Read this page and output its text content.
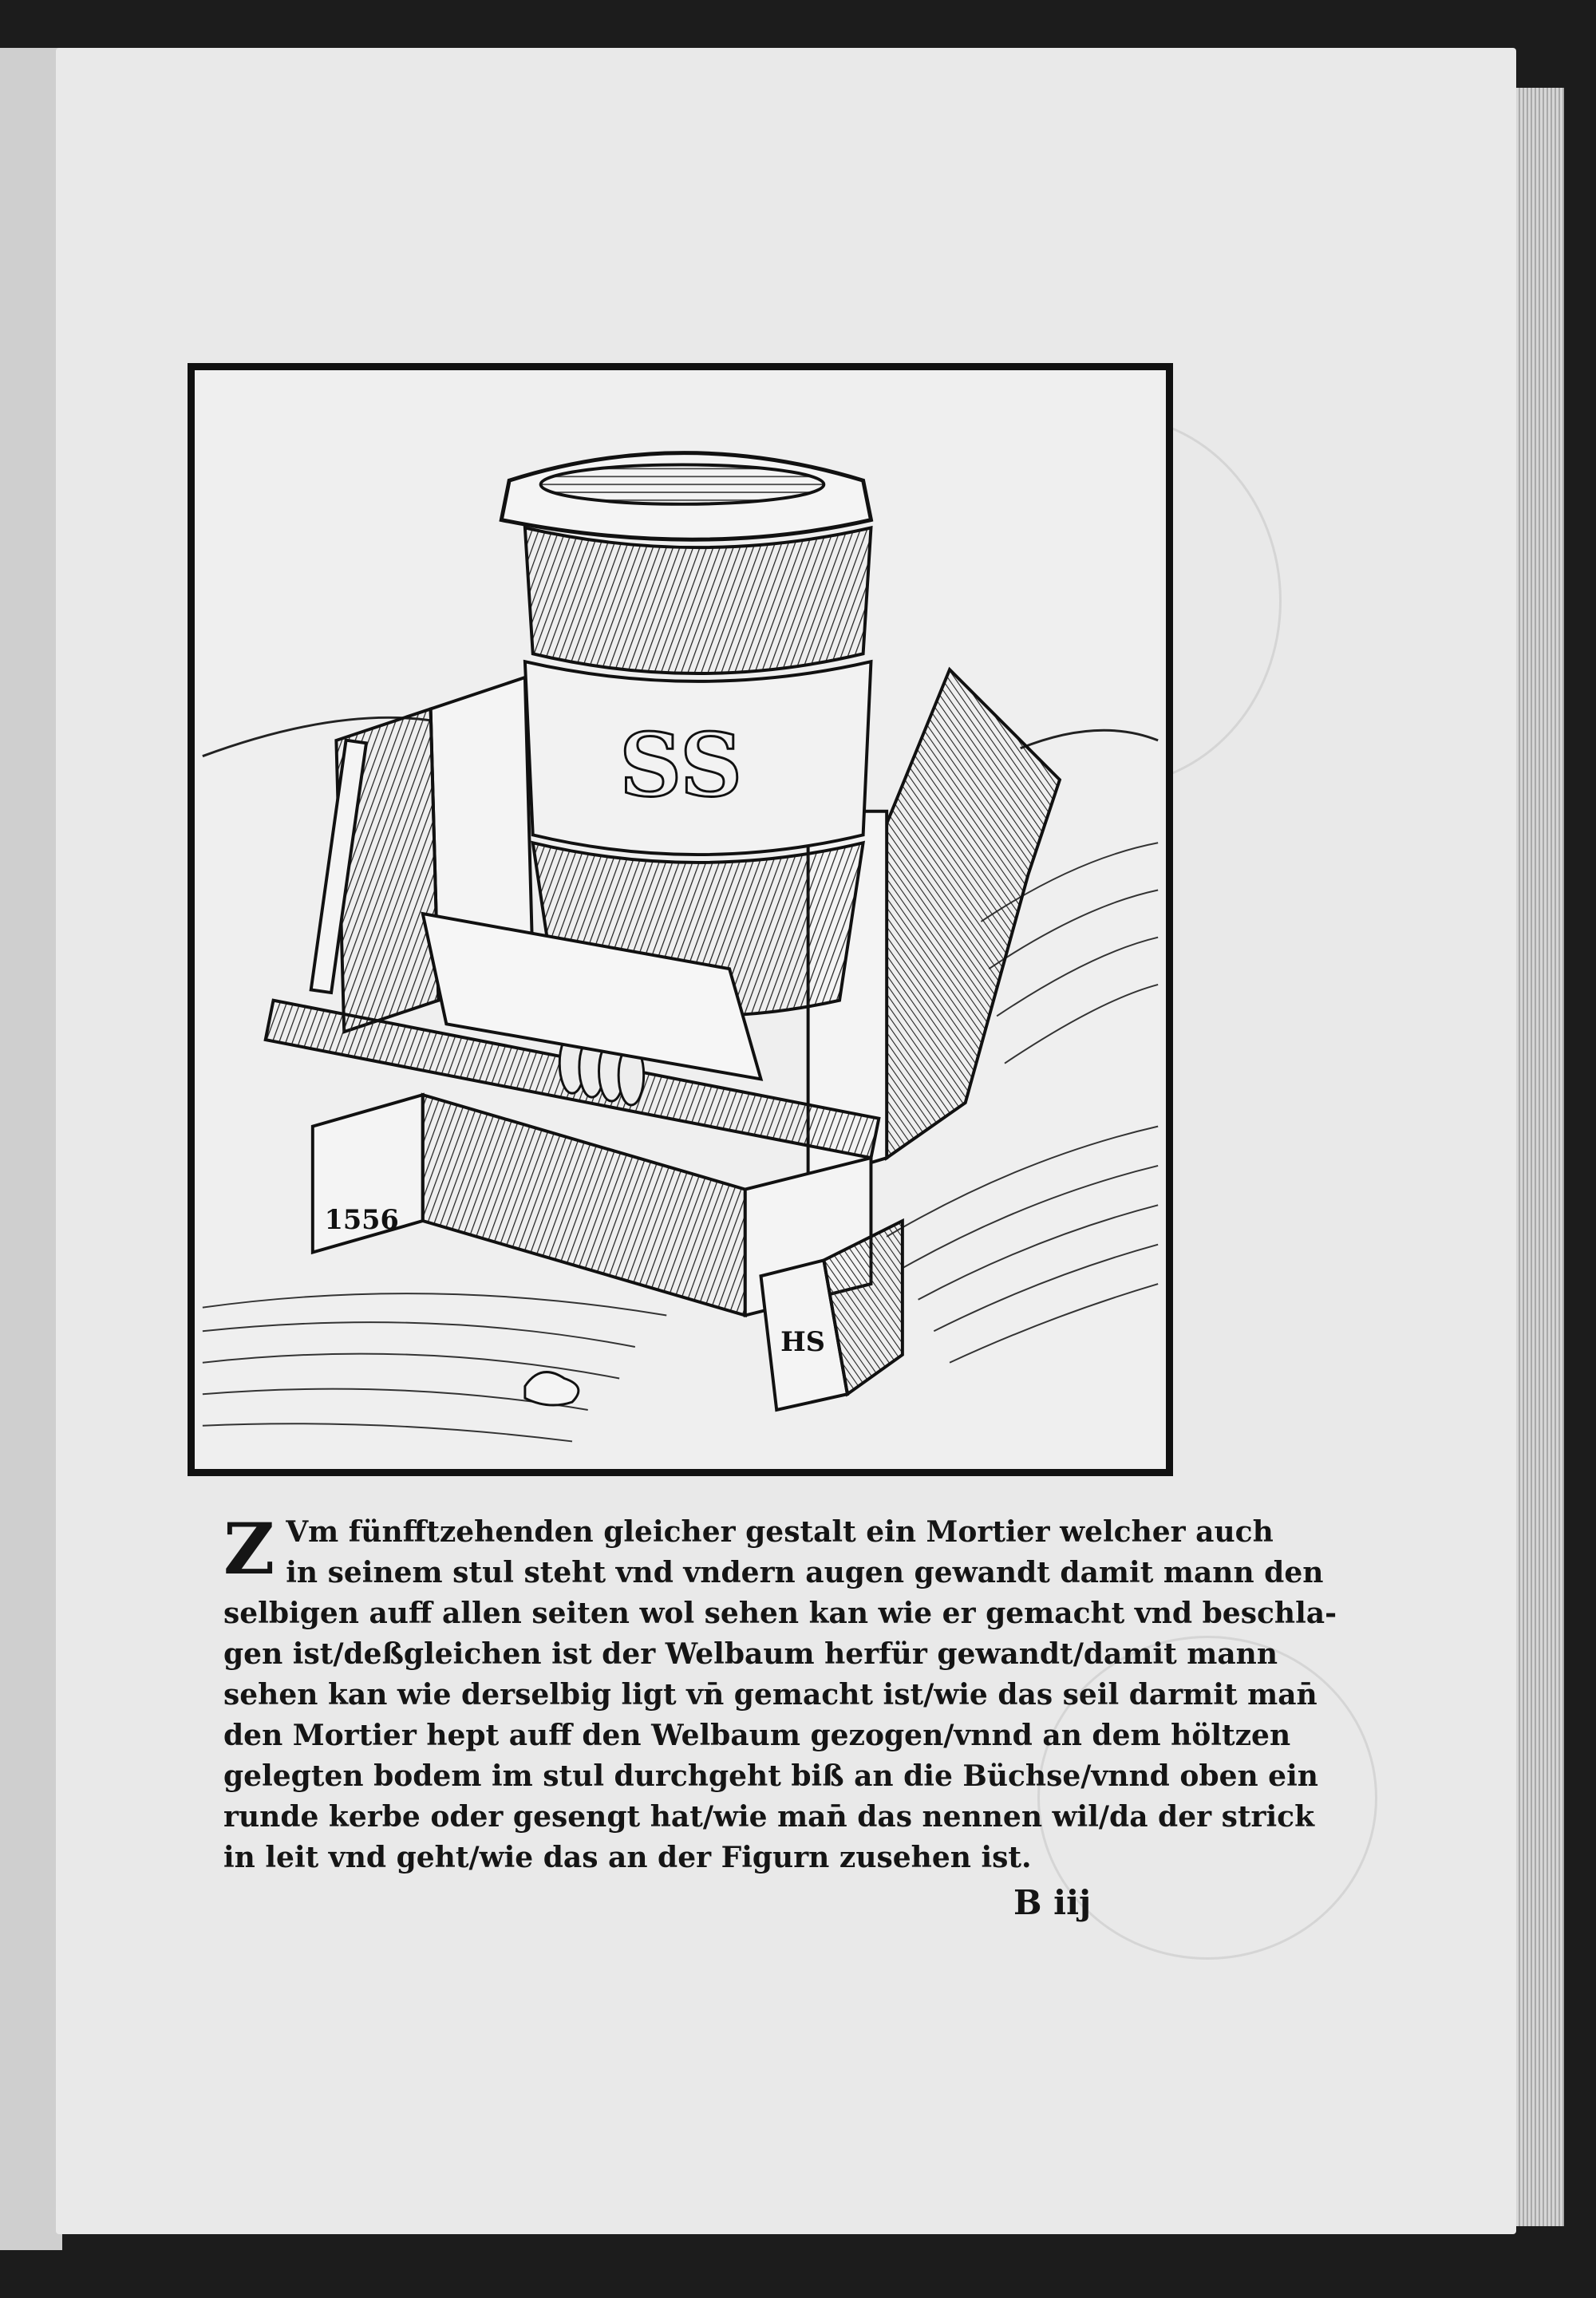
SS
1556
HS
Z Vm fünfftzehenden gleicher gestalt ein Mortier welcher auch
in seinem stul steht vnd vndern augen gewandt damit mann den
selbigen auff allen seiten wol sehen kan wie er gemacht vnd beschla-
gen ist/deßgleichen ist der Welbaum herfür gewandt/damit mann
sehen kan wie derselbig ligt vn̄ gemacht ist/wie das seil darmit man̄
den Mortier hept auff den Welbaum gezogen/vnnd an dem höltzen
gelegten bodem im stul durchgeht biß an die Büchse/vnnd oben ein
runde kerbe oder gesengt hat/wie man̄ das nennen wil/da der strick
in leit vnd geht/wie das an der Figurn zusehen ist.
B iij
